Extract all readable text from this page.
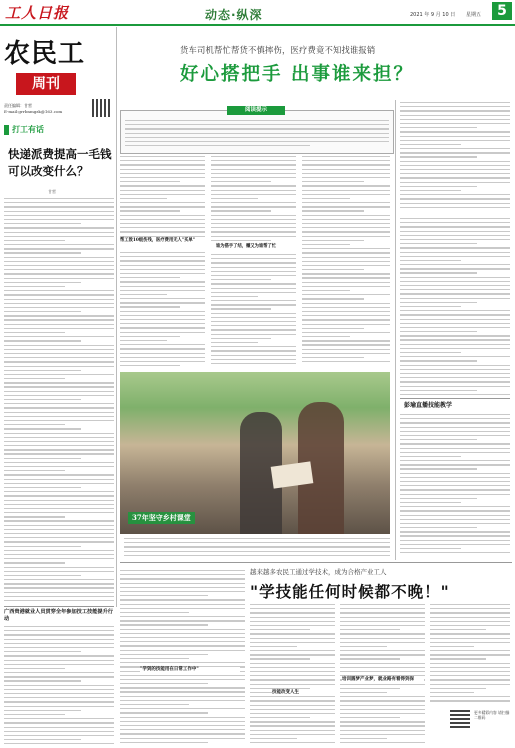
工人日报	动态·纵深	2021 年 9 月 10 日 星期五	5
农民工
周刊
责任编辑：甘皙
E-mail:grrbnmgzk@163.com
打工有话
快递派费提高一毛钱 可以改变什么？
甘皙
广西贵港就业人员贯穿全年参加技工技能提升行动
货车司机帮忙帮货不慎摔伤，医疗费竟不知找谁报销
好心搭把手 出事谁来担？
阅读提示
帮工致10级伤残，医疗费用无人"买单"
谁为搭手了结，赚又为谁帮了忙
彭瑜直播技能教学
37年坚守乡村课堂
越来越多农民工通过学技术，成为合格产业工人
"学技能任何时候都不晚！"
"学到的技能用在日常工作中"
技能改变人生
培训圆梦产业梦，就业路有看得到保
更多精彩内容 请扫描二维码
